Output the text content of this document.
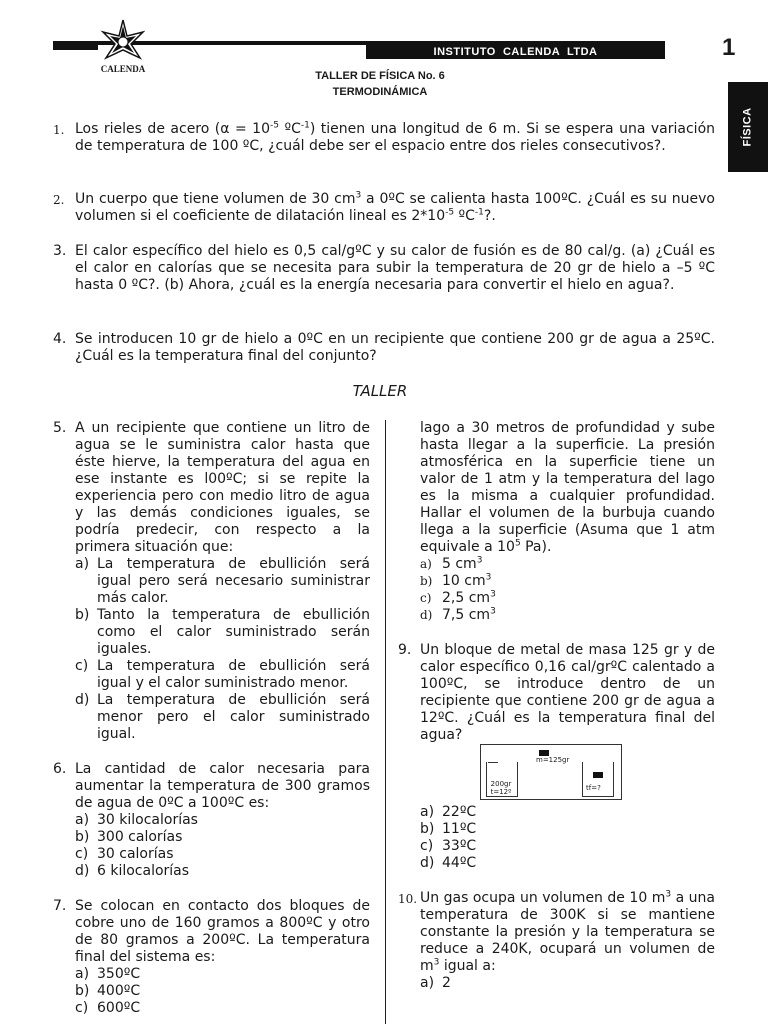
INSTITUTO  CALENDA  LTDA
CALENDA
1
FÍSICA
TALLER DE FÍSICA No. 6
TERMODINÁMICA
1. Los rieles de acero ($\alpha = 10^{-5}$ ºC$^{-1}$) tienen una longitud de 6 m. Si se espera una variación de temperatura de 100 ºC, ¿cuál debe ser el espacio entre dos rieles consecutivos?.
2. Un cuerpo que tiene volumen de 30 $cm^3$ a 0ºC se calienta hasta 100ºC. ¿Cuál es su nuevo volumen si el coeficiente de dilatación lineal es $2*10^{-5}$ ºC$^{-1}$?.
3. El calor específico del hielo es 0,5 cal/gºC y su calor de fusión es de 80 cal/g. (a) ¿Cuál es el calor en calorías que se necesita para subir la temperatura de 20 gr de hielo a –5 ºC hasta 0 ºC?. (b) Ahora, ¿cuál es la energía necesaria para convertir el hielo en agua?.
4. Se introducen 10 gr de hielo a 0ºC en un recipiente que contiene 200 gr de agua a 25ºC. ¿Cuál es la temperatura final del conjunto?
TALLER
5. A un recipiente que contiene un litro de agua se le suministra calor hasta que éste hierve, la temperatura del agua en ese instante es l00ºC; si se repite la experiencia pero con medio litro de agua y las demás condiciones iguales, se podría predecir, con respecto a la primera situación que:
a) La temperatura de ebullición será igual pero será necesario suministrar más calor.
b) Tanto la temperatura de ebullición como el calor suministrado serán iguales.
c) La temperatura de ebullición será igual y el calor suministrado menor.
d) La temperatura de ebullición será menor pero el calor suministrado igual.
6. La cantidad de calor necesaria para aumentar la temperatura de 300 gramos de agua de 0ºC a 100ºC es:
a) 30 kilocalorías
b) 300 calorías
c) 30 calorías
d) 6 kilocalorías
7. Se colocan en contacto dos bloques de cobre uno de 160 gramos a 800ºC y otro de 80 gramos a 200ºC. La temperatura final del sistema es:
a) 350ºC
b) 400ºC
c) 600ºC
lago a 30 metros de profundidad y sube hasta llegar a la superficie. La presión atmosférica en la superficie tiene un valor de 1 atm y la temperatura del lago es la misma a cualquier profundidad. Hallar el volumen de la burbuja cuando llega a la superficie (Asuma que 1 atm equivale a $10^5$ Pa).
a) 5 $cm^3$
b) 10 $cm^3$
c) 2,5 $cm^3$
d) 7,5 $cm^3$
9. Un bloque de metal de masa 125 gr y de calor específico 0,16 cal/grºC calentado a 100ºC, se introduce dentro de un recipiente que contiene 200 gr de agua a 12ºC. ¿Cuál es la temperatura final del agua?
200gr
t=12º
m=125gr
tf=?
a) 22ºC
b) 11ºC
c) 33ºC
d) 44ºC
10. Un gas ocupa un volumen de 10 $m^3$ a una temperatura de 300K si se mantiene constante la presión y la temperatura se reduce a 240K, ocupará un volumen de $m^3$ igual a:
a) 2
